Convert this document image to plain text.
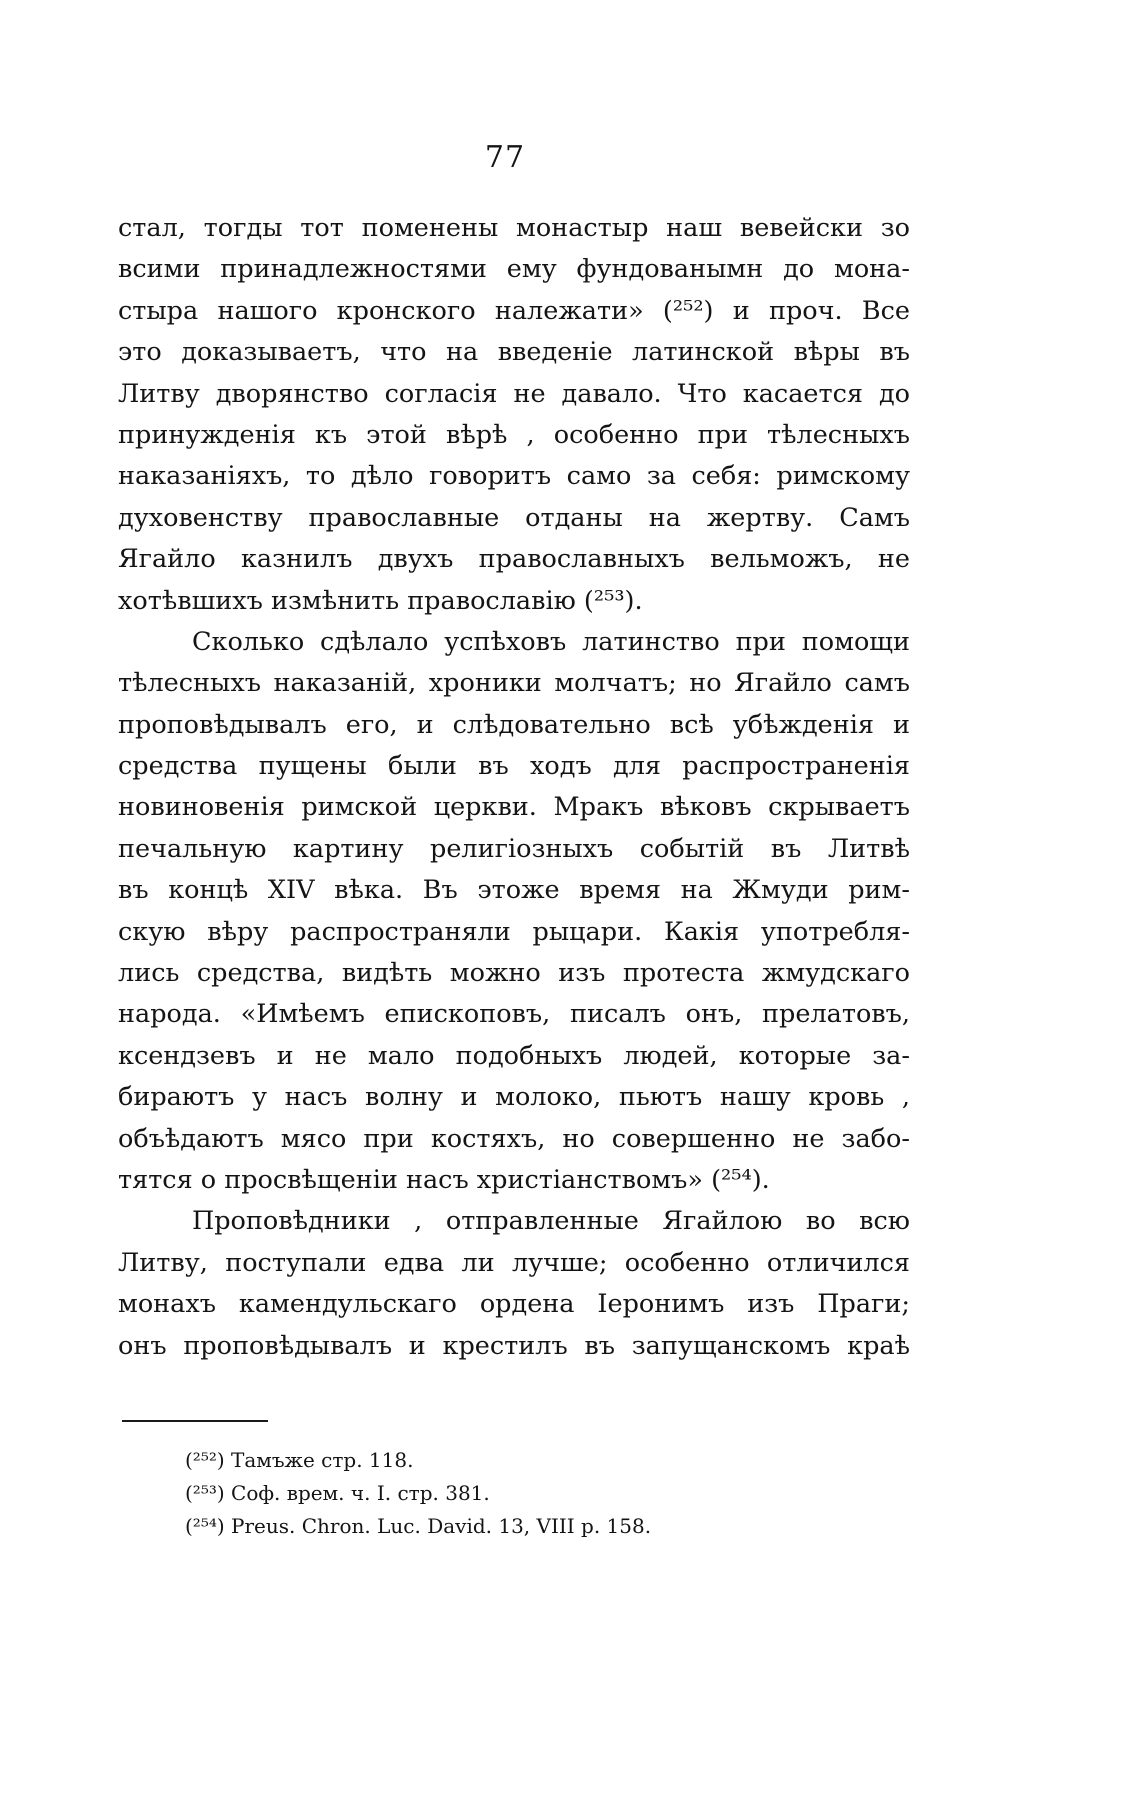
77
стал, тогды тот поменены монастыр наш вевейски зо
всими принадлежностями ему фундованымн до мона-
стыра нашого кронского належати» (²⁵²) и проч. Все
это доказываетъ, что на введеніе латинской вѣры въ
Литву дворянство согласія не давало. Что касается до
принужденія къ этой вѣрѣ , особенно при тѣлесныхъ
наказаніяхъ, то дѣло говоритъ само за себя: римскому
духовенству православные отданы на жертву. Самъ
Ягайло казнилъ двухъ православныхъ вельможъ, не
хотѣвшихъ измѣнить православію (²⁵³).
Сколько сдѣлало успѣховъ латинство при помощи
тѣлесныхъ наказаній, хроники молчатъ; но Ягайло самъ
проповѣдывалъ его, и слѣдовательно всѣ убѣжденія и
средства пущены были въ ходъ для распространенія
новиновенія римской церкви. Мракъ вѣковъ скрываетъ
печальную картину религіозныхъ событій въ Литвѣ
въ концѣ XIV вѣка. Въ этоже время на Жмуди рим-
скую вѣру распространяли рыцари. Какія употребля-
лись средства, видѣть можно изъ протеста жмудскаго
народа. «Имѣемъ епископовъ, писалъ онъ, прелатовъ,
ксендзевъ и не мало подобныхъ людей, которые за-
бираютъ у насъ волну и молоко, пьютъ нашу кровь ,
объѣдаютъ мясо при костяхъ, но совершенно не забо-
тятся о просвѣщеніи насъ христіанствомъ» (²⁵⁴).
Проповѣдники , отправленные Ягайлою во всю
Литву, поступали едва ли лучше; особенно отличился
монахъ камендульскаго ордена Іеронимъ изъ Праги;
онъ проповѣдывалъ и крестилъ въ запущанскомъ краѣ
(²⁵²) Тамъже стр. 118.
(²⁵³) Соф. врем. ч. I. стр. 381.
(²⁵⁴) Preus. Chron. Luc. David. 13, VIII p. 158.
